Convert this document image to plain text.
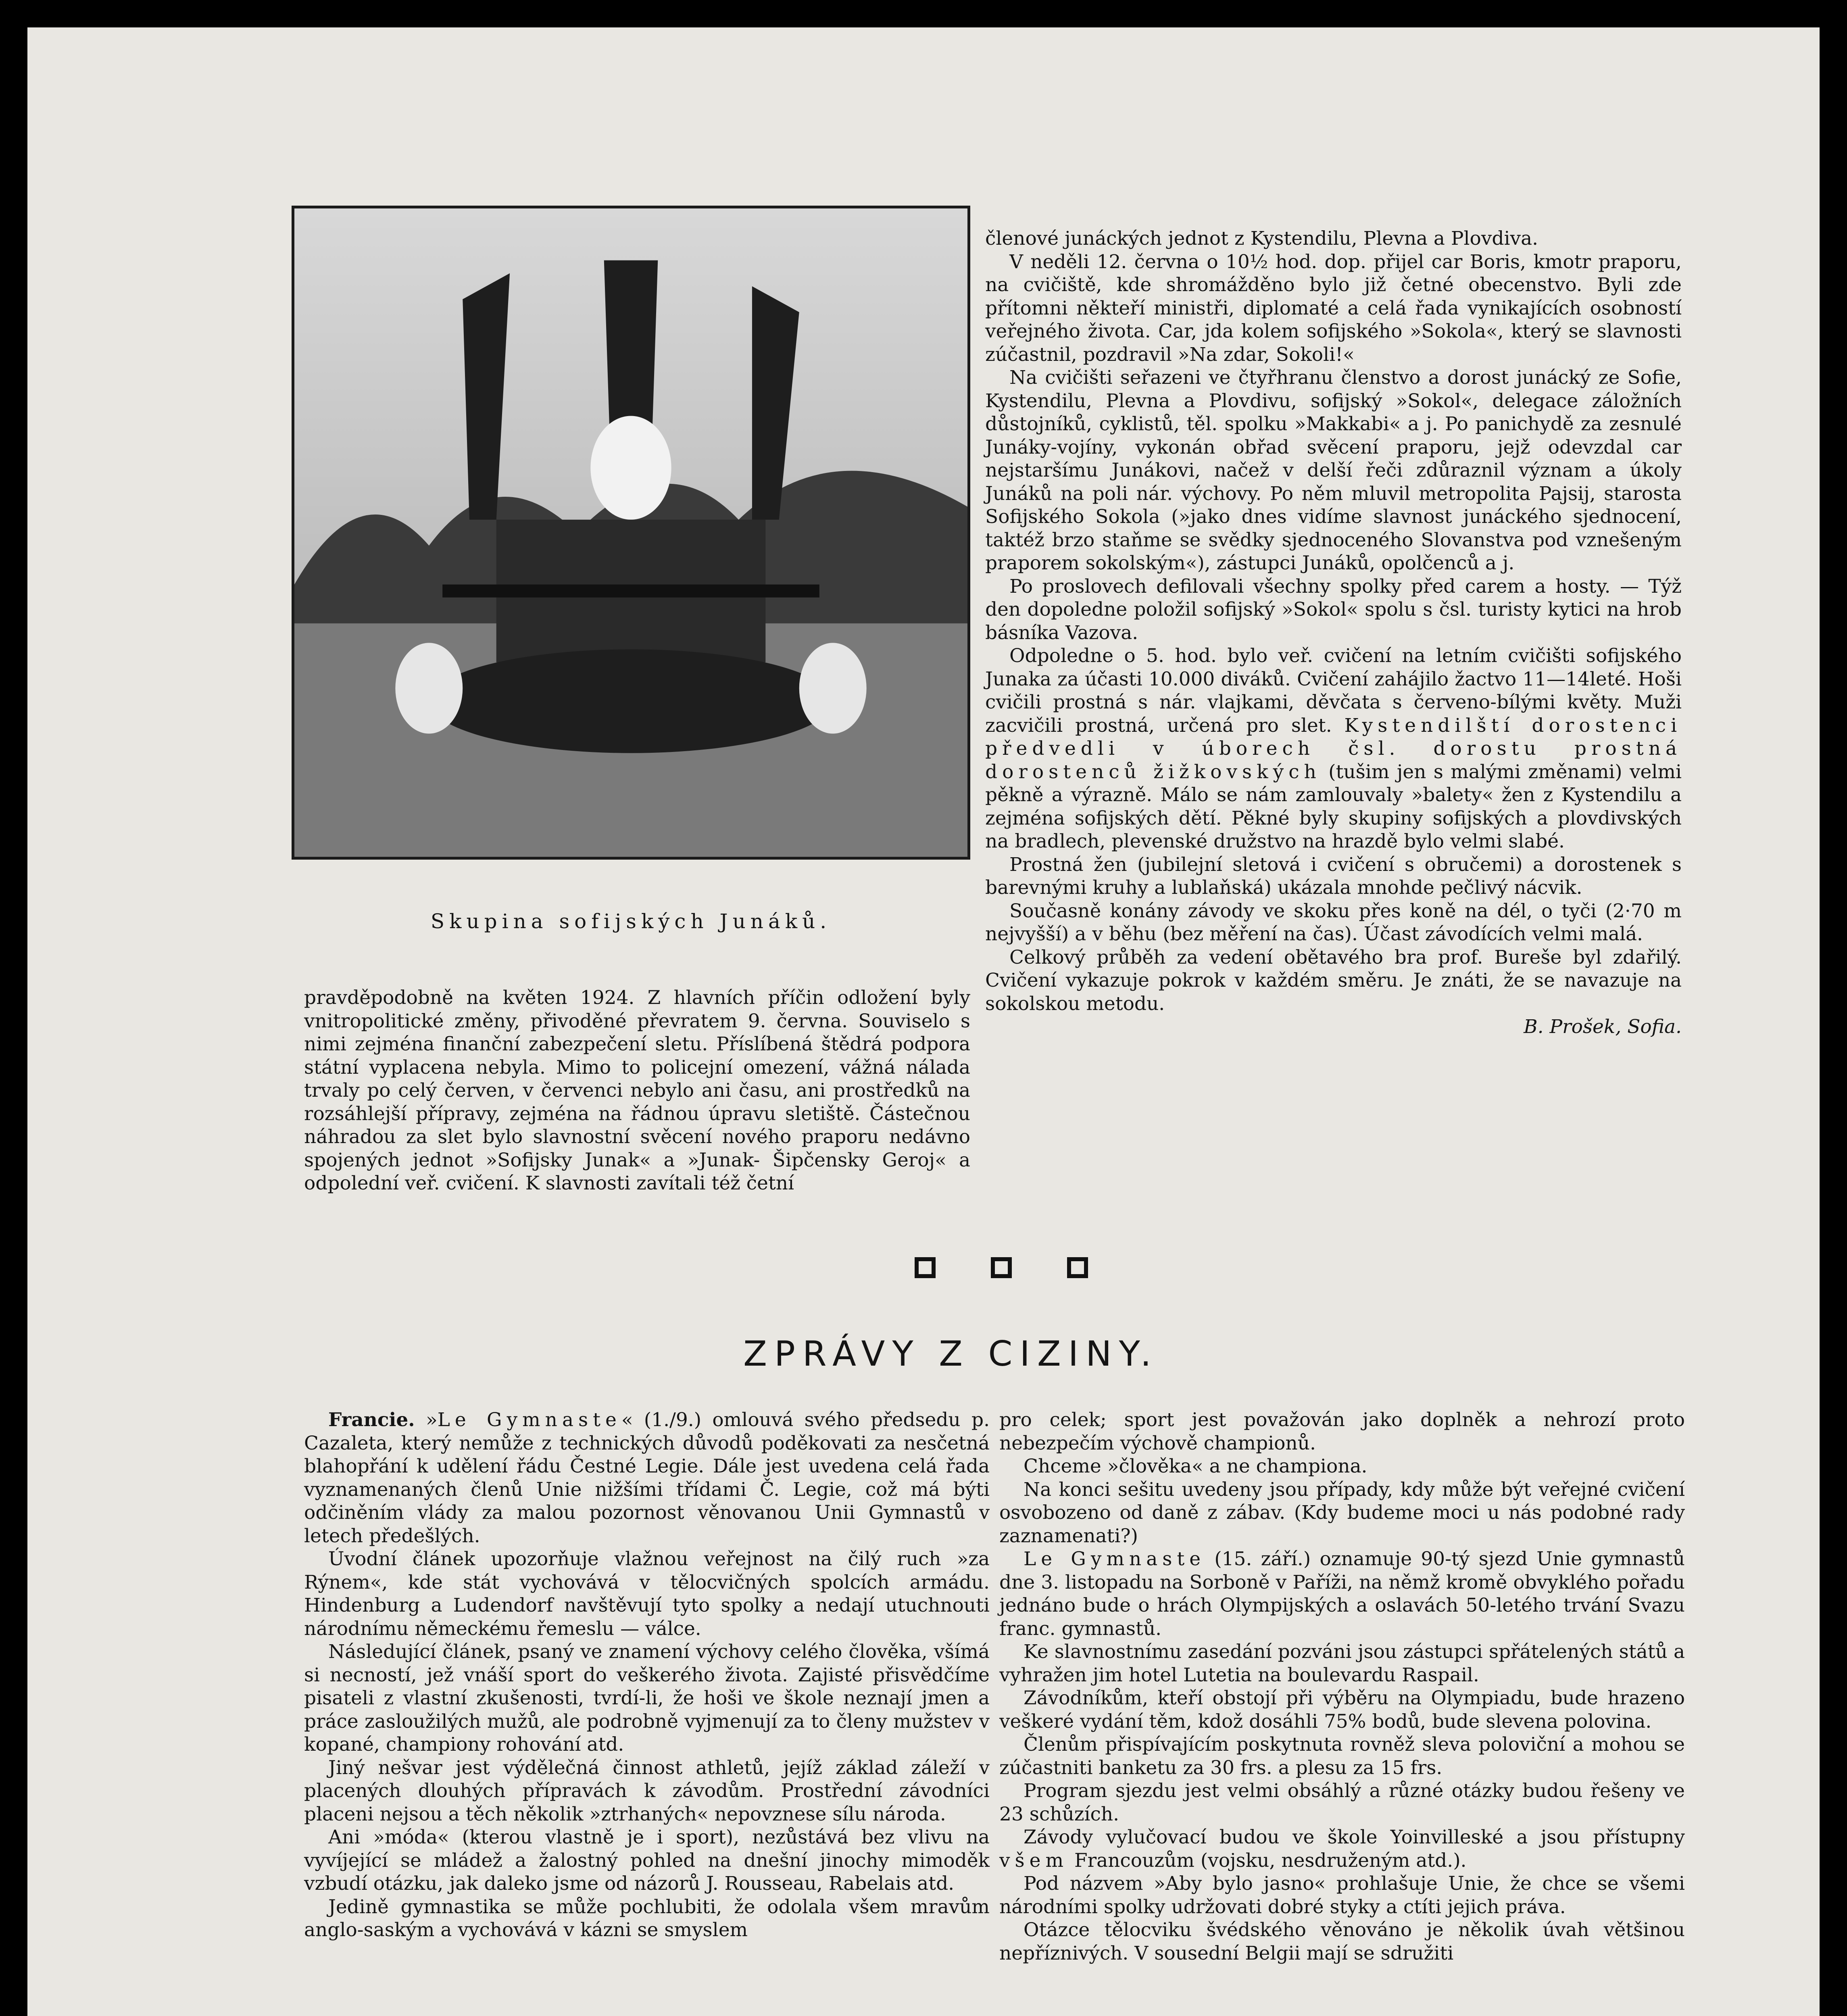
Skupina sofijských Junáků.

pravděpodobně na květen 1924. Z hlavních příčin odložení byly vnitropolitické změny, přivoděné převratem 9. června. Souviselo s nimi zejména finanční zabezpečení sletu. Příslíbená štědrá podpora státní vyplacena nebyla. Mimo to policejní omezení, vážná nálada trvaly po celý červen, v červenci nebylo ani času, ani prostředků na rozsáhlejší přípravy, zejména na řádnou úpravu sletiště. Částečnou náhradou za slet bylo slavnostní svěcení nového praporu nedávno spojených jednot »Sofijsky Junak« a »Junak- Šipčensky Geroj« a odpolední veř. cvičení. K slavnosti zavítali též četní

členové junáckých jednot z Kystendilu, Plevna a Plovdiva.

V neděli 12. června o 10½ hod. dop. přijel car Boris, kmotr praporu, na cvičiště, kde shromážděno bylo již četné obecenstvo. Byli zde přítomni někteří ministři, diplomaté a celá řada vynikajících osobností veřejného života. Car, jda kolem sofijského »Sokola«, který se slavnosti zúčastnil, pozdravil »Na zdar, Sokoli!«

Na cvičišti seřazeni ve čtyřhranu členstvo a dorost junácký ze Sofie, Kystendilu, Plevna a Plovdivu, sofijský »Sokol«, delegace záložních důstojníků, cyklistů, těl. spolku »Makkabi« a j. Po panichydě za zesnulé Junáky-vojíny, vykonán obřad svěcení praporu, jejž odevzdal car nejstaršímu Junákovi, načež v delší řeči zdůraznil význam a úkoly Junáků na poli nár. výchovy. Po něm mluvil metropolita Pajsij, starosta Sofijského Sokola (»jako dnes vidíme slavnost junáckého sjednocení, taktéž brzo staňme se svědky sjednoceného Slovanstva pod vznešeným praporem sokolským«), zástupci Junáků, opolčenců a j.

Po proslovech defilovali všechny spolky před carem a hosty. — Týž den dopoledne položil sofijský »Sokol« spolu s čsl. turisty kytici na hrob básníka Vazova.

Odpoledne o 5. hod. bylo veř. cvičení na letním cvičišti sofijského Junaka za účasti 10.000 diváků. Cvičení zahájilo žactvo 11—14leté. Hoši cvičili prostná s nár. vlajkami, děvčata s červeno-bílými květy. Muži zacvičili prostná, určená pro slet. Kystendilští dorostenci předvedli v úborech čsl. dorostu prostná dorostenců žižkovských (tušim jen s malými změnami) velmi pěkně a výrazně. Málo se nám zamlouvaly »balety« žen z Kystendilu a zejména sofijských dětí. Pěkné byly skupiny sofijských a plovdivských na bradlech, plevenské družstvo na hrazdě bylo velmi slabé.

Prostná žen (jubilejní sletová i cvičení s obručemi) a dorostenek s barevnými kruhy a lublaňská) ukázala mnohde pečlivý nácvik.

Současně konány závody ve skoku přes koně na dél, o tyči (2·70 m nejvyšší) a v běhu (bez měření na čas). Účast závodících velmi malá.

Celkový průběh za vedení obětavého bra prof. Bureše byl zdařilý. Cvičení vykazuje pokrok v každém směru. Je znáti, že se navazuje na sokolskou metodu.

B. Prošek, Sofia.

ZPRÁVY Z CIZINY.

Francie. »Le Gymnaste« (1./9.) omlouvá svého předsedu p. Cazaleta, který nemůže z technických důvodů poděkovati za nesčetná blahopřání k udělení řádu Čestné Legie. Dále jest uvedena celá řada vyznamenaných členů Unie nižšími třídami Č. Legie, což má býti odčiněním vlády za malou pozornost věnovanou Unii Gymnastů v letech předešlých.

Úvodní článek upozorňuje vlažnou veřejnost na čilý ruch »za Rýnem«, kde stát vychovává v tělocvičných spolcích armádu. Hindenburg a Ludendorf navštěvují tyto spolky a nedají utuchnouti národnímu německému řemeslu — válce.

Následující článek, psaný ve znamení výchovy celého člověka, všímá si necností, jež vnáší sport do veškerého života. Zajisté přisvědčíme pisateli z vlastní zkušenosti, tvrdí-li, že hoši ve škole neznají jmen a práce zasloužilých mužů, ale podrobně vyjmenují za to členy mužstev v kopané, championy rohování atd.

Jiný nešvar jest výdělečná činnost athletů, jejíž základ záleží v placených dlouhých přípravách k závodům. Prostřední závodníci placeni nejsou a těch několik »ztrhaných« nepovznese sílu národa.

Ani »móda« (kterou vlastně je i sport), nezůstává bez vlivu na vyvíjející se mládež a žalostný pohled na dnešní jinochy mimoděk vzbudí otázku, jak daleko jsme od názorů J. Rousseau, Rabelais atd.

Jedině gymnastika se může pochlubiti, že odolala všem mravům anglo-saským a vychovává v kázni se smyslem

pro celek; sport jest považován jako doplněk a nehrozí proto nebezpečím výchově championů.

Chceme »člověka« a ne championa.

Na konci sešitu uvedeny jsou případy, kdy může být veřejné cvičení osvobozeno od daně z zábav. (Kdy budeme moci u nás podobné rady zaznamenati?)

Le Gymnaste (15. září.) oznamuje 90-tý sjezd Unie gymnastů dne 3. listopadu na Sorboně v Paříži, na němž kromě obvyklého pořadu jednáno bude o hrách Olympijských a oslavách 50-letého trvání Svazu franc. gymnastů.

Ke slavnostnímu zasedání pozváni jsou zástupci spřátelených států a vyhražen jim hotel Lutetia na boulevardu Raspail.

Závodníkům, kteří obstojí při výběru na Olympiadu, bude hrazeno veškeré vydání těm, kdož dosáhli 75% bodů, bude slevena polovina.

Členům přispívajícím poskytnuta rovněž sleva poloviční a mohou se zúčastniti banketu za 30 frs. a plesu za 15 frs.

Program sjezdu jest velmi obsáhlý a různé otázky budou řešeny ve 23 schůzích.

Závody vylučovací budou ve škole Yoinvilleské a jsou přístupny všem Francouzům (vojsku, nesdruženým atd.).

Pod názvem »Aby bylo jasno« prohlašuje Unie, že chce se všemi národními spolky udržovati dobré styky a ctíti jejich práva.

Otázce tělocviku švédského věnováno je několik úvah většinou nepříznivých. V sousední Belgii mají se sdružiti
